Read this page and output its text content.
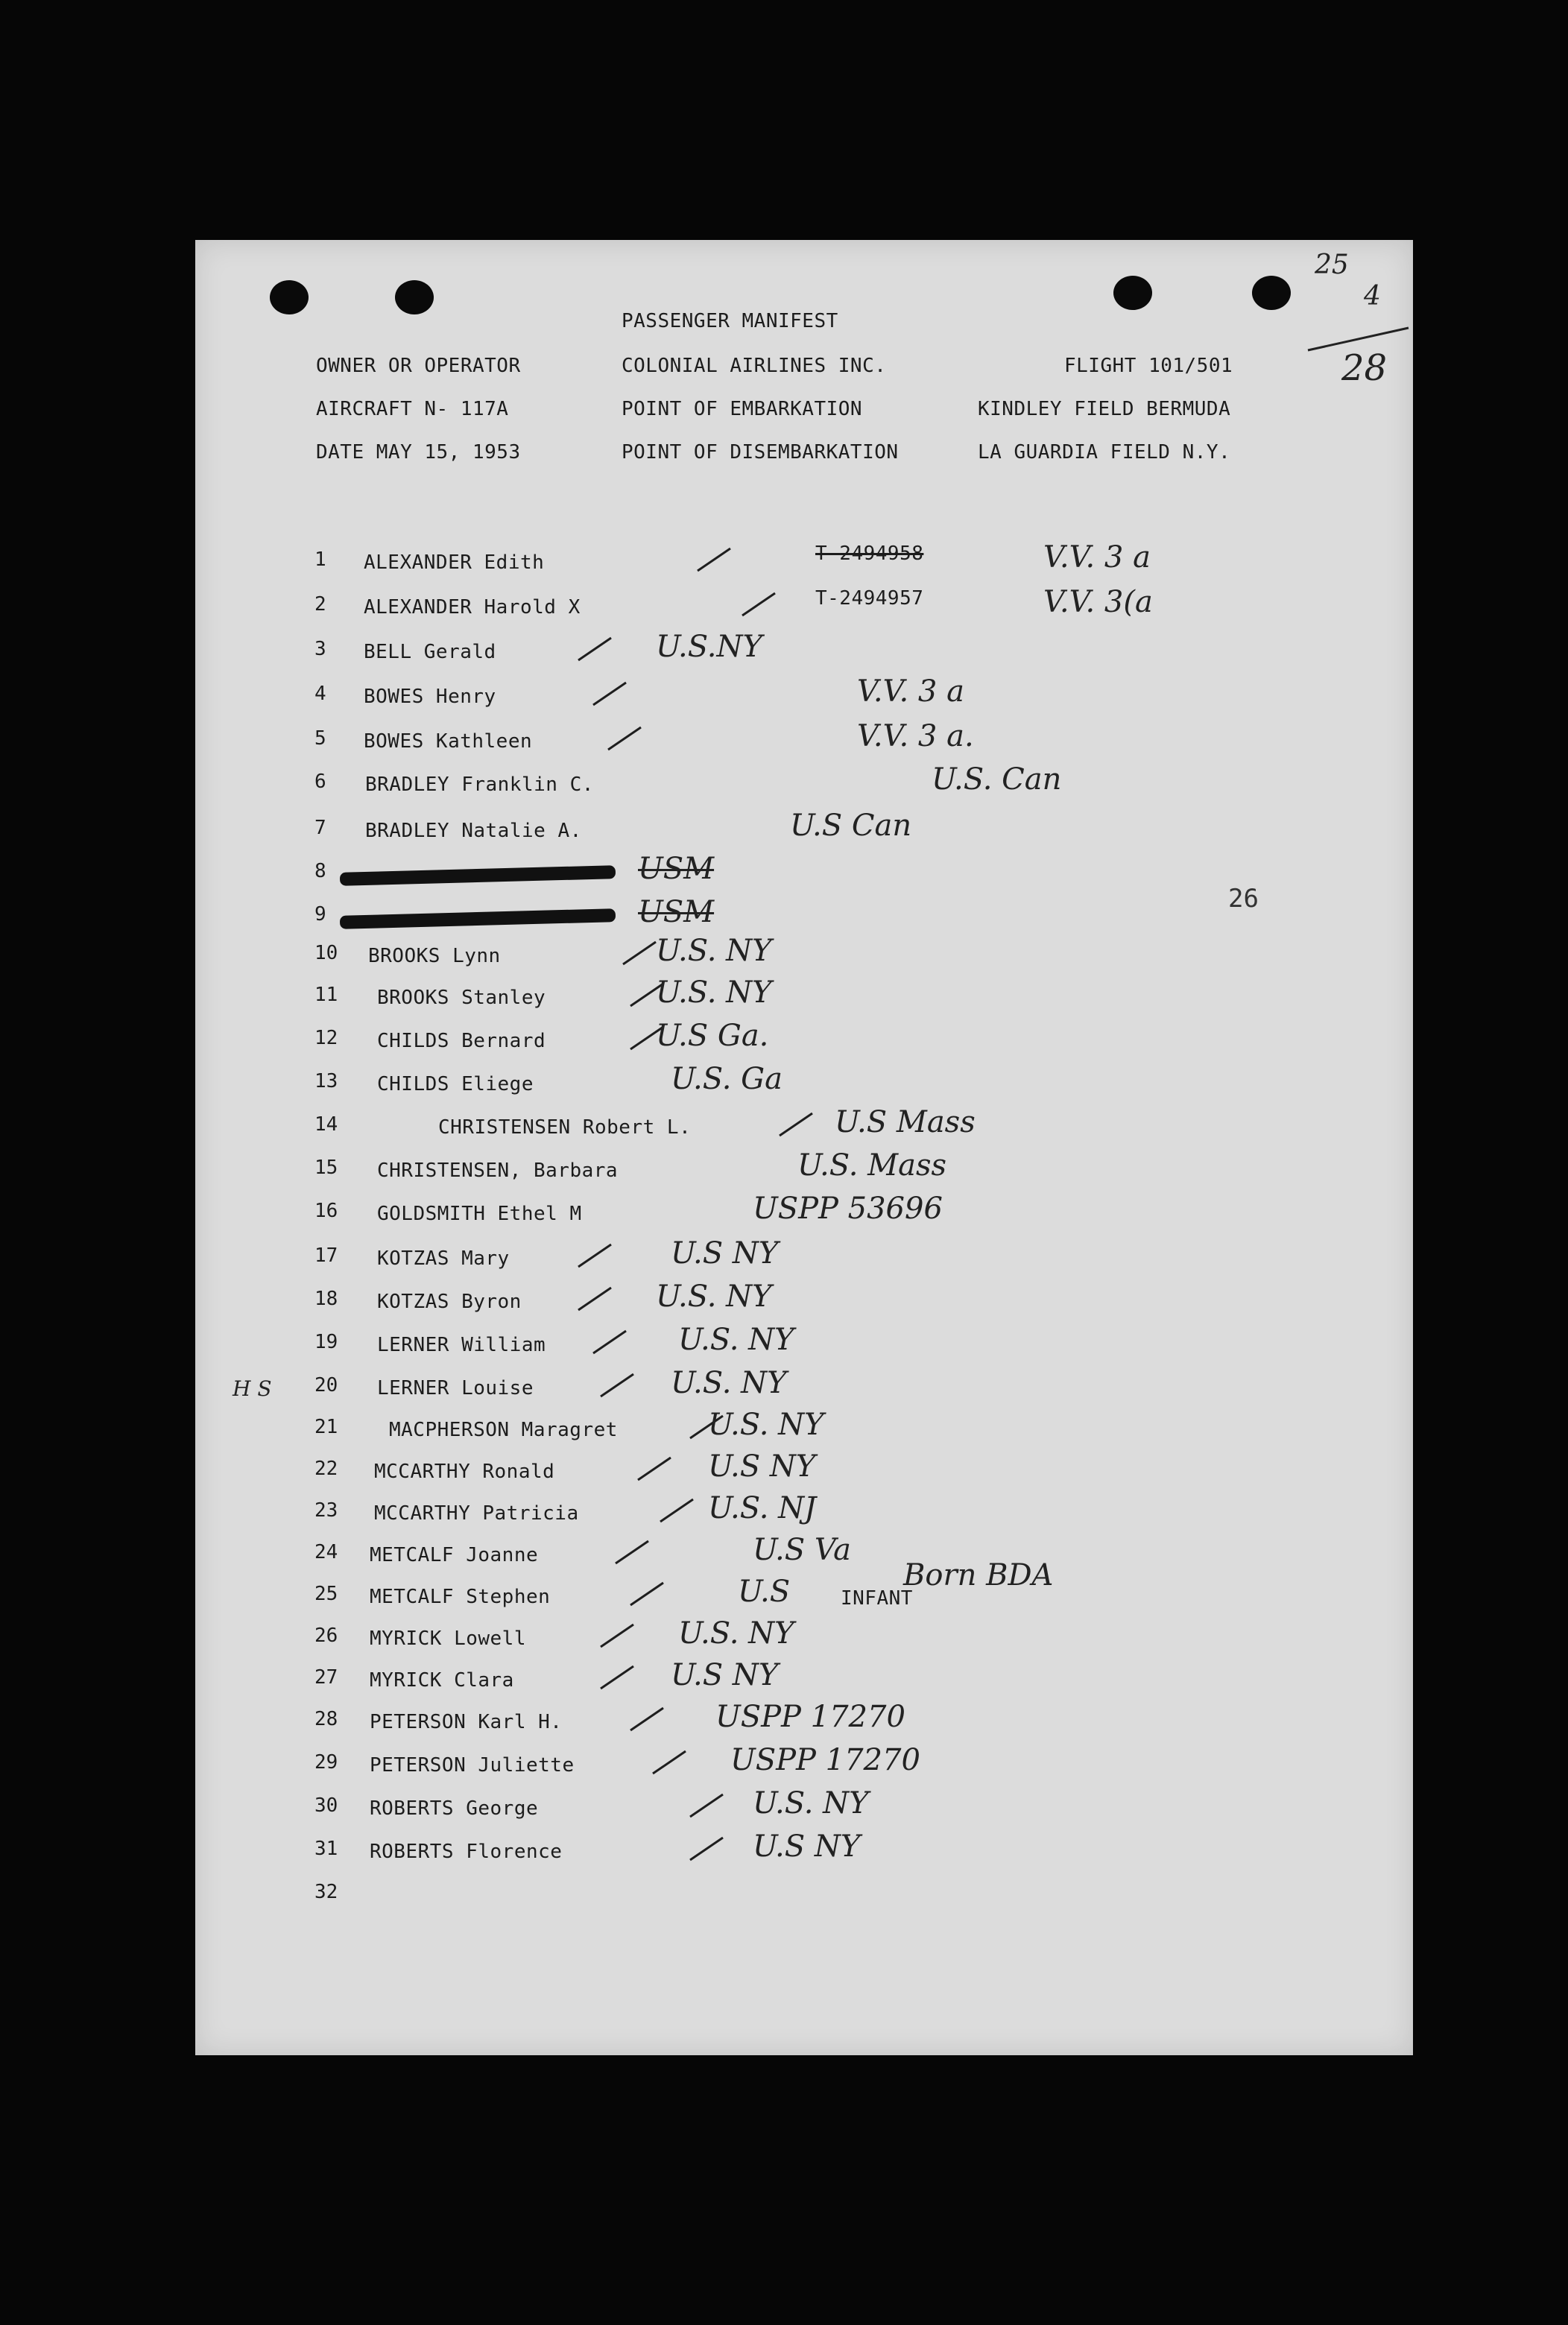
25
4
28
PASSENGER MANIFEST
OWNER OR OPERATOR	COLONIAL AIRLINES INC.	FLIGHT 101/501
AIRCRAFT N- 117A	POINT OF EMBARKATION	KINDLEY FIELD BERMUDA
DATE MAY 15, 1953	POINT OF DISEMBARKATION	LA GUARDIA FIELD N.Y.
1 ALEXANDER Edith	T-2494958	V.V. 3 a
2 ALEXANDER Harold X	T-2494957	V.V. 3(a
3 BELL Gerald	U.S.NY
4 BOWES Henry	V.V. 3 a
5 BOWES Kathleen	V.V. 3 a.
6 BRADLEY Franklin C.	U.S. Can
7 BRADLEY Natalie A.	U.S Can
8	USM
9	USM
10 BROOKS Lynn	U.S. NY
11 BROOKS Stanley	U.S. NY
12 CHILDS Bernard	U.S Ga.
13 CHILDS Eliege	U.S. Ga
14	CHRISTENSEN Robert L.	U.S Mass
15 CHRISTENSEN, Barbara	U.S. Mass
16 GOLDSMITH Ethel M	USPP 53696
17 KOTZAS Mary	U.S NY
18 KOTZAS Byron	U.S. NY
19 LERNER William	U.S. NY
20 LERNER Louise	U.S. NY
21	MACPHERSON Maragret	U.S. NY
22 MCCARTHY Ronald	U.S NY
23 MCCARTHY Patricia	U.S. NJ
24 METCALF Joanne	U.S Va
25 METCALF Stephen	U.S	INFANT
Born BDA
26 MYRICK Lowell	U.S. NY
27 MYRICK Clara	U.S NY
28 PETERSON Karl H.	USPP 17270
29 PETERSON Juliette	USPP 17270
30 ROBERTS George	U.S. NY
31 ROBERTS Florence	U.S NY
32
26
H S
